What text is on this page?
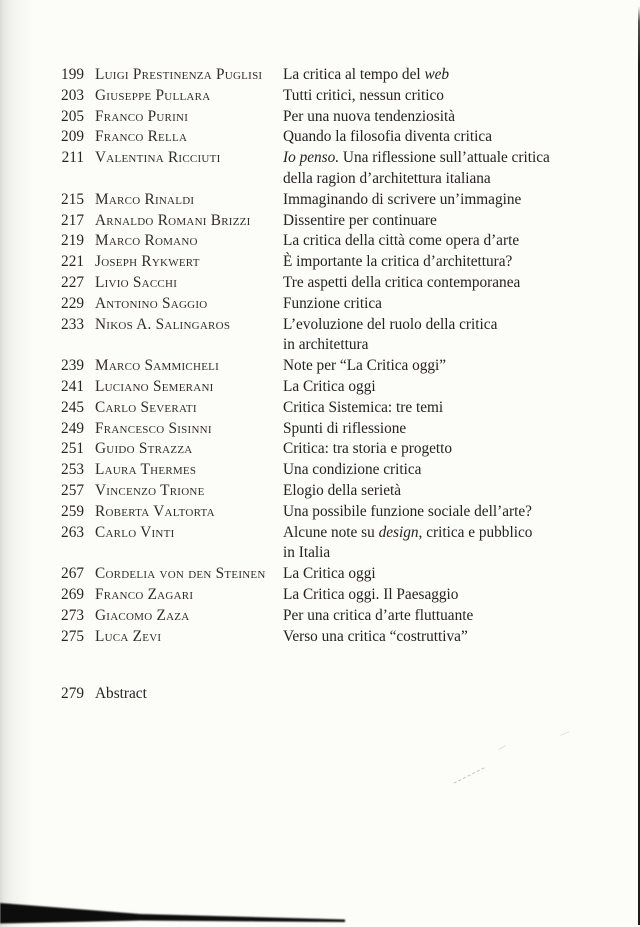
199 Luigi Prestinenza Puglisi	La critica al tempo del web
203 Giuseppe Pullara	Tutti critici, nessun critico
205 Franco Purini	Per una nuova tendenziosità
209 Franco Rella	Quando la filosofia diventa critica
211 Valentina Ricciuti	Io penso. Una riflessione sull’attuale critica
della ragion d’architettura italiana
215 Marco Rinaldi	Immaginando di scrivere un’immagine
217 Arnaldo Romani Brizzi	Dissentire per continuare
219 Marco Romano	La critica della città come opera d’arte
221 Joseph Rykwert	È importante la critica d’architettura?
227 Livio Sacchi	Tre aspetti della critica contemporanea
229 Antonino Saggio	Funzione critica
233 Nikos A. Salingaros	L’evoluzione del ruolo della critica
in architettura
239 Marco Sammicheli	Note per “La Critica oggi”
241 Luciano Semerani	La Critica oggi
245 Carlo Severati	Critica Sistemica: tre temi
249 Francesco Sisinni	Spunti di riflessione
251 Guido Strazza	Critica: tra storia e progetto
253 Laura Thermes	Una condizione critica
257 Vincenzo Trione	Elogio della serietà
259 Roberta Valtorta	Una possibile funzione sociale dell’arte?
263 Carlo Vinti	Alcune note su design, critica e pubblico
in Italia
267 Cordelia von den Steinen	La Critica oggi
269 Franco Zagari	La Critica oggi. Il Paesaggio
273 Giacomo Zaza	Per una critica d’arte fluttuante
275 Luca Zevi	Verso una critica “costruttiva”
279 Abstract
